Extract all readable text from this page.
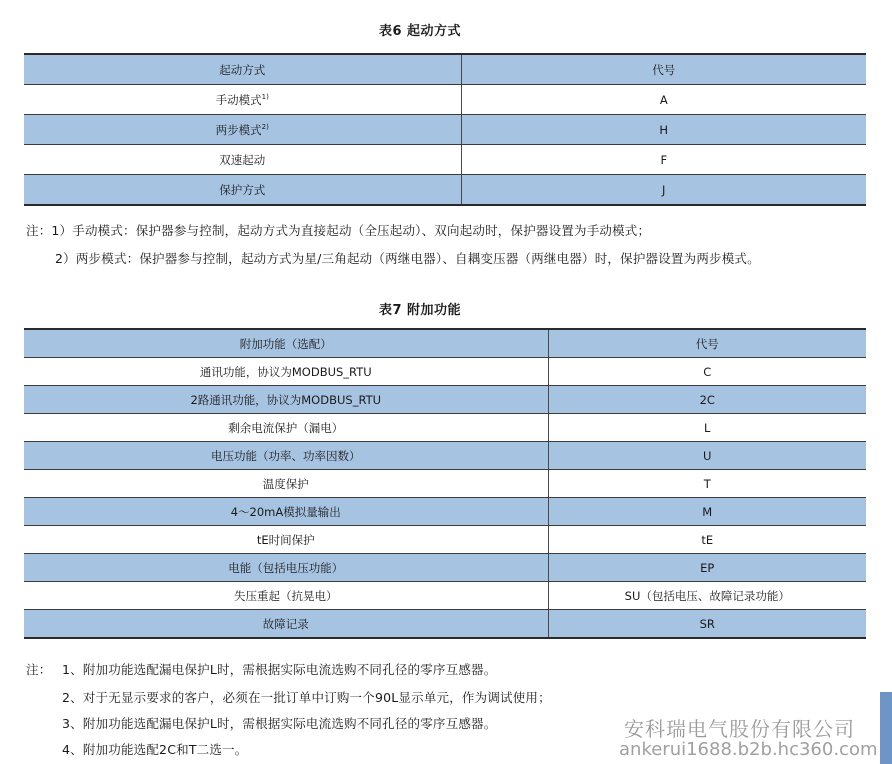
表6 起动方式
起动方式	代号
手动模式$^{1)}$	A
两步模式$^{2)}$	H
双速起动	F
保护方式	J
注：1）手动模式：保护器参与控制，起动方式为直接起动（全压起动）、双向起动时，保护器设置为手动模式；
2）两步模式：保护器参与控制，起动方式为星/三角起动（两继电器）、自耦变压器（两继电器）时，保护器设置为两步模式。
表7 附加功能
附加功能（选配）	代号
通讯功能，协议为MODBUS_RTU	C
2路通讯功能，协议为MODBUS_RTU	2C
剩余电流保护（漏电）	L
电压功能（功率、功率因数）	U
温度保护	T
4～20mA模拟量输出	M
tE时间保护	tE
电能（包括电压功能）	EP
失压重起（抗晃电）	SU（包括电压、故障记录功能）
故障记录	SR
注： 1、附加功能选配漏电保护L时，需根据实际电流选购不同孔径的零序互感器。
2、对于无显示要求的客户，必须在一批订单中订购一个90L显示单元，作为调试使用；
3、附加功能选配漏电保护L时，需根据实际电流选购不同孔径的零序互感器。
4、附加功能选配2C和T二选一。
安科瑞电气股份有限公司
ankerui1688.b2b.hc360.com
